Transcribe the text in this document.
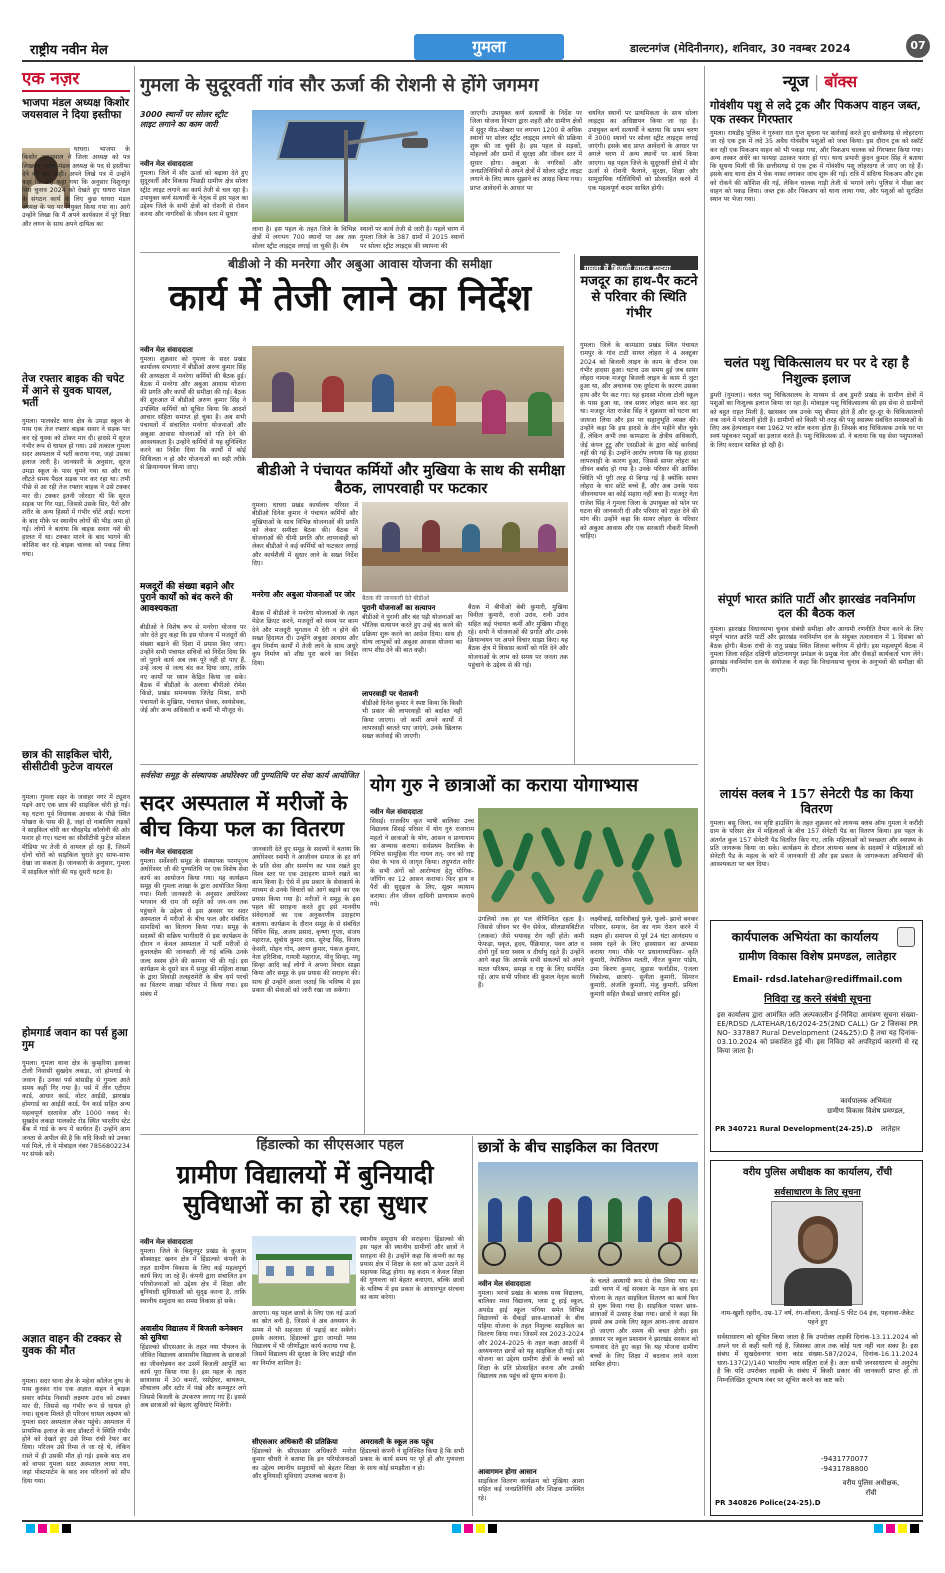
राष्ट्रीय नवीन मेल	गुमला	डाल्टनगंज (मेदिनीनगर), शनिवार, 30 नवम्बर 2024	07
एक नज़र
भाजपा मंडल अध्यक्ष किशोर जयसवाल ने दिया इस्तीफा
घाघरा। भाजपा के किशोर जयसवाल ने जिला अध्यक्ष को पत्र लिखकर घाघरा मंडल अध्यक्ष के पद से इस्तीफा देने की बात कही। अपने लिखे पत्र में उन्होंने कहा कि उन्हें कहा गया कि अनुसार विशुनपुर विस चुनाव 2024 को देखते हुए घाघरा मंडल के संगठन कार्य के लिए कुछ घाघरा मंडल अध्यक्ष के पद पर नियुक्त किया गया था। आगे उन्होंने लिखा कि मैं अपने कार्यकाल में पूरे निष्ठा और लगन के साथ अपने दायित्व का
तेज रफ्तार बाइक की चपेट में आने से युवक घायल, भर्ती
गुमला। पालकोट थाना क्षेत्र के उमड़ा स्कूल के पास एक तेज रफ्तार बाइक सवार ने सड़क पार कर रहे युवक को ठोकर मार दी। हादसे में सूरज गंभीर रूप से घायल हो गया। उसे तत्काल गुमला सदर अस्पताल में भर्ती कराया गया, जहां उसका इलाज जारी है। जानकारी के अनुसार, सूरज उमड़ा स्कूल के पास घूमने गया था और घर लौटते समय पैदल सड़क पार कर रहा था। तभी पीछे से आ रही तेज रफ्तार बाइक ने उसे टक्कर मार दी। टक्कर इतनी जोरदार थी कि सूरज सड़क पर गिर पड़ा, जिससे उसके सिर, पैरों और शरीर के अन्य हिस्सों में गंभीर चोटें आईं। घटना के बाद मौके पर स्थानीय लोगों की भीड़ जमा हो गई। लोगों ने बताया कि बाइक सवार नशे की हालत में था। टक्कर मारने के बाद भागने की कोशिश कर रहे बाइक चालक को पकड़ लिया गया।
छात्र की साइकिल चोरी, सीसीटीवी फुटेज वायरल
गुमला। गुमला शहर के जवाहर नगर में ट्यूशन पढ़ने आए एक छात्र की साइकिल चोरी हो गई। यह घटना पूर्व विधायक आवास के पीछे स्थित पोखरा के पास की है, जहां दो नाबालिग लड़कों ने साइकिल चोरी कर चौदहपेंड कॉलोनी की ओर फरार हो गए। घटना का सीसीटीवी फुटेज सोशल मीडिया पर तेजी से वायरल हो रहा है, जिसमें दोनों चोरों को साइकिल चुराते हुए साफ-साफ देखा जा सकता है। जानकारी के अनुसार, गुमला में साइकिल चोरी की यह दूसरी घटना है।
होमगार्ड जवान का पर्स हुआ गुम
गुमला। गुमला थाना क्षेत्र के कुम्हरिया इलाका टोली निवासी सुखदेव लकड़ा, जो होमगार्ड के जवान हैं। उनका पर्स बांसडीह से गुमला आते समय कहीं गिर गया है। पर्स में तीन एटीएम कार्ड, आधार कार्ड, वोटर आईडी, झारखंड होमगार्ड का आईडी कार्ड, पैन कार्ड सहित अन्य महत्वपूर्ण दस्तावेज और 1000 नकद थे। सुखदेव लकड़ा पालकोट रोड स्थित भारतीय स्टेट बैंक में गार्ड के रूप में कार्यरत हैं। उन्होंने आम जनता से अपील की है कि यदि किसी को उनका पर्स मिले, तो वे मोबाइल नंबर 7856802234 पर संपर्क करें।
अज्ञात वाहन की टक्कर से युवक की मौत
गुमला। सदर थाना क्षेत्र के महेना कॉलेज दुग्ध के पास कुरकर गांव एक अज्ञात वाहन ने बाइक सवार कॉमंड निवासी लक्ष्मण उरांव को टक्कर मार दी, जिससे वह गंभीर रूप से घायल हो गया। सूचना मिलते ही परिजन घायल लक्ष्मण को गुमला सदर अस्पताल लेकर पहुंचे। अस्पताल में प्राथमिक इलाज के बाद डॉक्टरों ने स्थिति गंभीर होने को देखते हुए उसे रिम्स रांची रेफर कर दिया। परिजन उसे रिम्स ले जा रहे थे, लेकिन रास्ते में ही उसकी मौत हो गई। इसके बाद शव को वापस गुमला सदर अस्पताल लाया गया, जहां पोस्टमार्टम के बाद शव परिजनों को सौंप दिया गया।
गुमला के सुदूरवर्ती गांव सौर ऊर्जा की रोशनी से होंगे जगमग
3000 स्थानों पर सोलर स्ट्रीट लाइट लगाने का काम जारी
नवीन मेल संवाददाता
गुमला। जिले में सौर ऊर्जा को बढ़ावा देते हुए सुदूरवर्ती और विकास पिछड़ी ग्रामीण क्षेत्र सोलर स्ट्रीट लाइट लगाने का कार्य तेजी से चल रहा है। उपायुक्त कर्ण सत्यार्थी के नेतृत्व में इस पहल का उद्देश्य जिले के सभी क्षेत्रों को रोशनी से रोशन करना और नागरिकों के जीवन स्तर में सुधार
लाना है। इस पहल के तहत जिले के विभिन्न क्षेत्रों में लगभग 700 स्थानों पर अब तक सोलर स्ट्रीट लाइट्स लगाई जा चुकी हैं। शेष
स्थानों पर कार्य तेजी से जारी है। पहले चरण में गुमला जिले के 387 ग्रामों में 2015 स्थानों पर सोलर स्ट्रीट लाइट्स की स्थापना की
जाएगी। उपायुक्त कर्ण सत्यार्थी के निर्देश पर जिला योजना विभाग द्वारा शहरी और ग्रामीण क्षेत्रों में सुदूर मीठ-पोखरा पर लगभग 1200 से अधिक स्थानों पर सोलर स्ट्रीट लाइट्स लगाने की प्रक्रिया शुरू की जा चुकी है। इस पहल से सड़कों, मोहल्लों और ग्रामों में सुरक्षा और जीवन स्तर में सुधार होगा। अबुआ के नगरिकों और जनप्रतिनिधियों से अपने क्षेत्रों में सोलर स्ट्रीट लाइट लगाने के लिए स्थान सुझाने का आग्रह किया गया। प्राप्त आवेदनों के आधार पर
चयनित स्थानों पर प्राथमिकता के साथ सोलर लाइट्स का अधिष्ठापन किया जा रहा है। उपायुक्त कर्ण सत्यार्थी ने बताया कि प्रथम चरण में 3000 स्थानों पर सोलर स्ट्रीट लाइट्स लगाई जाएंगी। इसके बाद प्राप्त आवेदनों के आधार पर अगले चरण में अन्य स्थानों पर कार्य किया जाएगा। यह पहल जिले के सुदूरवर्ती क्षेत्रों में सौर ऊर्जा से रोशनी फैलाने, सुरक्षा, शिक्षा और सामुदायिक गतिविधियों को प्रोत्साहित करने में एक महत्वपूर्ण कदम साबित होगी।
बीडीओ ने की मनरेगा और अबुआ आवास योजना की समीक्षा
कार्य में तेजी लाने का निर्देश
नवीन मेल संवाददाता
गुमला। शुक्रवार को गुमला के सदर प्रखंड कार्यालय सभागार में बीडीओ अरुण कुमार सिंह की अध्यक्षता में मनरेगा कर्मियों की बैठक हुई। बैठक में मनरेगा और अबुआ आवास योजना की प्रगति और कार्यों की समीक्षा की गई। बैठक की शुरुआत में बीडीओ अरुण कुमार सिंह ने उपस्थित कर्मियों को सूचित किया कि आदर्श आचार संहिता समाप्त हो चुका है। अब सभी पंचायतों में संचालित मनरेगा योजनाओं और अबुआ आवास योजनाओं को गति देने की आवश्यकता है। उन्होंने कर्मियों से यह सुनिश्चित करने का निर्देश दिया कि कार्यों में कोई शिथिलता न हो और योजनाओं का सही तरीके से क्रियान्वयन किया जाए।
मजदूरों की संख्या बढ़ाने और पुराने कार्यों को बंद करने की आवश्यकता
बीडीओ ने विशेष रूप से मनरेगा योजना पर जोर देते हुए कहा कि इस योजना में मजदूरों की संख्या बढ़ाने की दिशा में प्रयास किए जाए। उन्होंने सभी पंचायत सचिवों को निर्देश दिया कि जो पुराने कार्य अब तक पूरे नहीं हो पाए हैं, उन्हें जल्द से जल्द बंद कर दिया जाए, ताकि नए कार्यों पर ध्यान केंद्रित किया जा सके। बैठक में बीडीओ के अलावा बीपीओ रोमेश किंडो, प्रखंड समन्वयक जितेंद्र मिश्रा, सभी पंचायतों के मुखिया, पंचायत सेवक, स्वयंसेवक, जेई और अन्य अधिकारी व कर्मी भी मौजूद थे।
बीडीओ ने पंचायत कर्मियों और मुखिया के साथ की समीक्षा बैठक, लापरवाही पर फटकार
गुमला। घाघरा प्रखंड कार्यालय परिसर में बीडीओ दिनेश कुमार ने पंचायत कर्मियों और मुखियाओं के साथ विभिन्न योजनाओं की प्रगति को लेकर समीक्षा बैठक की। बैठक में योजनाओं की धीमी प्रगति और लापरवाही को लेकर बीडीओ ने कई कर्मियों को फटकार लगाई और कार्यशैली में सुधार लाने के सख्त निर्देश दिए।
मनरेगा और अबुआ योजनाओं पर जोर
बैठक में बीडीओ ने मनरेगा योजनाओं के तहत मेडेज क्रिएट करने, मजदूरों को समय पर काम देने और मजदूरी भुगतान में देरी न होने की सख्त हिदायत दी। उन्होंने अबुआ आवास और कूप निर्माण कार्यों में तेजी लाने के साथ अधूरे कूप निर्माण को शीघ्र पूरा करने का निर्देश दिया।
बैठक की जानकारी देते बीडीओ
पूरानी योजनाओं का सत्यापन
बीडीओ ने पुरानी और बंद पड़ी योजनाओं का भौतिक सत्यापन करते हुए उन्हें बंद करने की प्रक्रिया शुरू करने का आदेश दिया। साथ ही योग्य लाभुकों को अबुआ आवास योजना का लाभ शीघ्र देने की बात कही।
लापरवाही पर चेतावनी
बीडीओ दिनेश कुमार ने स्पष्ट किया कि किसी भी प्रकार की लापरवाही को बर्दाश्त नहीं किया जाएगा। जो कर्मी अपने कार्यों में लापरवाही बरतते पाए जाएंगे, उनके खिलाफ सख्त कार्रवाई की जाएगी।
बैठक में बीपीओ बेबी कुमारी, मुखिया विनीता कुमारी, राजो उरांव, रानी उरांव सहित कई पंचायत कर्मी और मुखिया मौजूद रहे। सभी ने योजनाओं की प्रगति और उनके क्रियान्वयन पर अपने विचार साझा किए। यह बैठक क्षेत्र में विकास कार्यों को गति देने और योजनाओं के लाभ को समय पर जनता तक पहुंचाने के उद्देश्य से की गई।
गुमला में बिजली लाइन हादसा
मजदूर का हाथ-पैर कटने से परिवार की स्थिति गंभीर
गुमला। जिले के कामडारा प्रखंड स्थित पंचायत रामपुर के गांव टाटी सायर लोहरा ने 4 अक्टूबर 2024 को बिजली लाइन के काम के दौरान एक गंभीर हादसा हुआ। घटना उस समय हुई जब सायर लोहरा नामक मजदूर बिजली लाइन के काम में जुटा हुआ था, और अचानक एक दुर्घटना के कारण उसका हाथ और पैर कट गए। यह हादसा मोरला टोली स्कूल के पास हुआ था, जब सायर लोहरा काम कर रहा था। मजदूर नेता राजेश सिंह ने शुक्रवार को घटना का जायजा लिया और इस पर सहानुभूति व्यक्त की। उन्होंने कहा कि इस हादसे के तीन महीने बीत चुके हैं, लेकिन अभी तक कामडारा के क्षेत्रीय अधिकारी, जेई कंपन टूटू और एसडीओ के द्वारा कोई कार्रवाई नहीं की गई है। उन्होंने आरोप लगाया कि यह हादसा लापरवाही के कारण हुआ, जिससे सायर लोहरा का जीवन बर्बाद हो गया है। उनके परिवार की आर्थिक स्थिति भी पूरी तरह से बिगड़ गई है क्योंकि सायर लोहरा के चार छोटे बच्चे हैं, और अब उनके पास जीवनयापन का कोई सहारा नहीं बचा है। मजदूर नेता राजेश सिंह ने गुमला जिला के उपायुक्त को फोन पर घटना की जानकारी दी और परिवार को राहत देने की मांग की। उन्होंने कहा कि सायर लोहरा के परिवार को अबुआ आवास और एक सरकारी नौकरी मिलनी चाहिए।
सर्वसेवा समूह के संस्थापक अघोरेश्वर जी पुण्यतिथि पर सेवा कार्य आयोजित
सदर अस्पताल में मरीजों के बीच किया फल का वितरण
नवीन मेल संवाददाता
गुमला। सर्वेश्वरी समूह के संस्थापक परमपूज्य अघोरेश्वर जी की पुण्यतिथि पर एक विशेष सेवा कार्य का आयोजन किया गया। यह कार्यक्रम समूह की गुमला शाखा के द्वारा आयोजित किया गया। मिली जानकारी के अनुसार अघोरेश्वर भगवान श्री राम जी स्मृति को जन-जन तक पहुंचाने के उद्देश्य से इस अवसर पर सदर अस्पताल में मरीजों के बीच फल और संबंधित सामग्रियों का वितरण किया गया। समूह के सदस्यों की सक्रिय भागीदारी से इस कार्यक्रम के दौरान न केवल अस्पताल में भर्ती मरीजों से कुशलक्षेम की जानकारी ली गई बल्कि उनके जल्द स्वस्थ होने की कामना भी की गई। इस कार्यक्रम के दूसरे सत्र में समूह की महिला शाखा के द्वारा शिवाड़ी तलहरामेरी के बीच धर्म परचों का वितरण शाखा परिसर में किया गया। इस संबंध में
जानकारी देते हुए समूह के सदस्यों ने बताया कि अघोरेश्वर स्वामी ने आजीवन समाज के हर वर्ग के प्रति सेवा और समर्पण का भाव रखते हुए विश्व स्तर पर एक उदाहरण सामने रखते का काम किया है। ऐसे में इस प्रकार के सेवाकार्य के माध्यम से उनके विचारों को आगे बढ़ाने का एक प्रयास किया गया है। मरीजों ने समूह के इस पहल की सराहना करते हुए इसे मानवीय संवेदनाओं का एक अनुकरणीय उदाहरण बताया। कार्यक्रम के दौरान समूह के से संबंधित विपिन सिंह, अजय प्रसाद, कृष्णा गुप्ता, संजय महाराज, सुबोध कुमार दास, सुरेन्द्र सिंह, विजय केसरी, मोहन गोप, अरुण कुमार, पंकज कुमार, नेता हरिशिवा, गायत्री महाराज, मीनू सिन्हा, मधु सिन्हा आदि कई लोगों ने अपना विचार साझा किया और समूह के इस प्रयास की सराहना की। साथ ही उन्होंने आशा जताई कि भविष्य में इस प्रकार की सेवाओं को जारी रखा जा सकेगा।
योग गुरु ने छात्राओं का कराया योगाभ्यास
नवीन मेल संवाददाता
सिसई। राजकीय कृत भाषी बालिका उच्च विद्यालय सिसई परिसर में योग गुरु राजाराम महतो ने छात्राओं के योग, आसन व प्राणायाम का अभ्यास कराया। सर्वप्रथम दैशात्रिक के निमित्त सामूहिक गीत गायन तत्- जन को राष्ट्र सेवा के भाव से जागृत किया। तदुपरांत शरीर के सभी अंगों को आरोग्यता हेतु योगिक- जॉगिंग का 12 आसन कराया। फिर हाथ व पैरों की सुदृढ़ता के लिए, सूक्ष्म व्यायाम कराया। तीन जीवन दायिनी प्राणायाम कराये गये।
उंगलियों तक हर पल वीणिन्दित रहता है। जिससे जीवन भर चैन सेवेज, सीलडायबिटीज (लकवा) जैसे भयावह रोग नहीं होते। कमी फेफड़ा, यकृत, हृदय, पैंक्रियाज़, पवन आंत व दोनों गुर्दे सदा स्वस्थ व दीर्घायु रहते हैं। उन्होंने आगे कहा कि आपके सभी संकल्पों को अपने सतत परिश्रम, समझ व राष्ट्र के लिए समर्पित रहें। आप सभी परिवार की कुशल नेतृत्व करती हैं।
लक्ष्मीबाई, सावित्रीबाई फुले, फूलो- झानो बनकर परिवार, समाज, देश का नाम रोशन करने में सक्षम हों। समापन से पूर्व 24 घंटा आनंदमय व स्वस्थ रहने के लिए हास्यासन का अभ्यास कराया गया। मौके पर प्रधानाध्यापिका- कृति कुमारी, नेपोलियन मलती, नीरज कुमार पांडेय, उमा किरण कुमार, सुहास फर्नांडीस, एंजला निकोल्स, छात्राएं- सुनीता कुमारी, सिमरन कुमारी, अंजलि कुमारी, मंजु कुमारी, प्रमिला कुमारी सहित सैकड़ों छात्राएं शामिल हुईं।
हिंडाल्को का सीएसआर पहल
ग्रामीण विद्यालयों में बुनियादी सुविधाओं का हो रहा सुधार
नवीन मेल संवाददाता
गुमला। जिले के बिशुनपुर प्रखंड के कुजाम बॉक्साइट खनन क्षेत्र में हिंडाल्को कंपनी के तहत ग्रामीण विकास के लिए कई महत्वपूर्ण कार्य किए जा रहे हैं। कंपनी द्वारा संचालित इन परियोजनाओं को उद्देश्य क्षेत्र में शिक्षा और बुनियादी सुविधाओं को सुदृढ़ करना है, ताकि स्थानीय समुदाय का समग्र विकास हो सके।
अवासीय विद्यालय में बिजली कनेक्शन को सुविधा
हिंडाल्को सीएसआर के तहत नया पौपलन के जीवित विद्यालय आवासीय विद्यालय के छात्राओं का जीवनोन्नयन कर उसमें बिजली आपूर्ति का कार्य पूरा किया गया है। इस पहल के तहत छात्रावास में 30 कमरों, रसोईघर, बाथरूम, शौचालय और स्टोर में पंखे और कम्प्यूटर लगे जिससे बिजली के उपकरण लगाए गए हैं। इससे अब छात्राओं को बेहतर सुविधाएं मिलेंगी।
आएगा। यह पहल छात्रों के लिए एक नई ऊर्जा का स्रोत बनी है, जिससे वे अब अध्ययन के समय में भी सहजता से पढ़ाई कर सकेंगे। इसके अलावा, हिंडाल्को द्वारा जामडी मध्य विद्यालय में भी जीर्णोद्धार कार्य कराया गया है, जिसमें विद्यालय की सुरक्षा के लिए बाउंड्री वॉल का निर्माण शामिल है।
सीएसआर अधिकारी की प्रतिक्रिया
हिंडाल्को के सीएसआर अधिकारी मनोज कुमार चौधरी ने बताया कि इन परियोजनाओं का उद्देश्य स्थानीय समुदायों को बेहतर शिक्षा और बुनियादी सुविधाएं उपलब्ध कराना है।
स्थानीय समुदाय की सराहना। हिंडाल्को की इस पहल की स्थानीय ग्रामीणों और छात्रों ने सराहना की है। उन्होंने कहा कि कंपनी का यह प्रयास क्षेत्र में शिक्षा के स्तर को ऊपर उठाने में सहायक सिद्ध होगा। यह कदम न केवल शिक्षा की गुणवत्ता को बेहतर बनाएगा, बल्कि छात्रों के भविष्य में इस प्रकार के आधारभूत संरचना का काम करेगा।
अमरावती के स्कूल तक पहुंच
हिंडाल्को कंपनी ने सुनिश्चित किया है कि सभी प्रकार के कार्य समय पर पूरे हों और गुणवत्ता के साथ कोई समझौता न हो।
छात्रों के बीच साइकिल का वितरण
नवीन मेल संवाददाता
गुमला। भरनो प्रखंड के बालक मध्य विद्यालय, बालिका मध्य विद्यालय, प्लस टू हाई स्कूल, अपग्रेड हाई स्कूल पगिया समेत विभिन्न विद्यालयों के सैकड़ों छात्र-छात्राओं के बीच पहिया योजना के तहत निशुल्क साइकिल का वितरण किया गया। जिसमें सत्र 2023-2024 और 2024-2025 के तहत कक्षा आठवीं में अध्ययनरत छात्रों को यह साइकिल दी गई। इस योजना का उद्देश्य ग्रामीण क्षेत्रों के बच्चों को शिक्षा के प्रति प्रोत्साहित करना और उनकी विद्यालय तक पहुंच को सुगम बनाना है।
आवागमन होगा आसान
साइकिल वितरण कार्यक्रम को मुखिया आशा सहित कई जनप्रतिनिधि और शिक्षक उपस्थित रहे।
के चलते अस्थायी रूप से रोक लिया गया था। उसी चरण में नई सरकार के गठन के बाद इस योजना के तहत साइकिल वितरण का कार्य फिर से शुरू किया गया है। साइकिल पाकर छात्र-छात्राओं में उत्साह देखा गया। छात्रों ने कहा कि इससे अब उनके लिए स्कूल आना-जाना आसान हो जाएगा और समय की बचत होगी। इस अवसर पर स्कूल प्रशासन ने झारखंड सरकार को धन्यवाद देते हुए कहा कि यह योजना ग्रामीण बच्चों के लिए शिक्षा में बदलाव लाने वाला साबित होगा।
न्यूज | बॉक्स
गोवंशीय पशु से लदे ट्रक और पिकअप वाहन जब्त, एक तस्कर गिरफ्तार
गुमला। रायडीह पुलिस ने गुरुवार रात गुप्त सूचना पर कार्रवाई करते हुए छत्तीसगढ़ से लोहरदगा जा रहे एक ट्रक में लदे 35 अवैध गोवंशीय पशुओं को जब्त किया। इस दौरान ट्रक को स्कॉर्ट कर रही एक पिकअप वाहन को भी पकड़ा गया, और पिकअप चालक को गिरफ्तार किया गया। अन्य तस्कर अंधेरे का फायदा उठाकर फरार हो गए। थाना प्रभारी कुंदन कुमार सिंह ने बताया कि सूचना मिली थी कि छत्तीसगढ़ से एक ट्रक में गोवंशीय पशु लोहरदगा ले जाए जा रहे हैं। इसके बाद थाना क्षेत्र में चेक नाका लगाकर जांच शुरू की गई। रात्रि में संदिग्ध पिकअप और ट्रक को रोकने की कोशिश की गई, लेकिन चालक गाड़ी तेजी से भगाने लगे। पुलिस ने पीछा कर वाहन को पकड़ लिया। जब्त ट्रक और पिकअप को थाना लाया गया, और पशुओं को सुरक्षित स्थान पर भेजा गया।
चलंत पशु चिकित्सालय घर पर दे रहा है निशुल्क इलाज
डुमरी (गुमला)। चलंत पशु चिकित्सालय के माध्यम से अब डुमरी प्रखंड के ग्रामीण क्षेत्रों में पशुओं का निःशुल्क इलाज किया जा रहा है। मोबाइल पशु चिकित्सालय की इस सेवा से ग्रामीणों को बहुत राहत मिली है, खासकर जब उनके पशु बीमार होते हैं और दूर-दूर के चिकित्सालयों तक जाने में परेशानी होती है। ग्रामीणों को किसी भी तरह की पशु स्वास्थ्य संबंधित समस्याओं के लिए अब हेल्पलाइन नंबर 1962 पर कॉल करना होता है। जिसके बाद चिकित्सक उनके घर पर स्वयं पहुंचकर पशुओं का इलाज करते हैं। पशु चिकित्सक डॉ. ने बताया कि यह सेवा पशुपालकों के लिए वरदान साबित हो रही है।
संपूर्ण भारत क्रांति पार्टी और झारखंड नवनिर्माण दल की बैठक कल
गुमला। झारखंड विधानसभा चुनाव संबंधी समीक्षा और आगामी रणनीति तैयार करने के लिए संपूर्ण भारत क्रांति पार्टी और झारखंड नवनिर्माण दल के संयुक्त तत्वावधान में 1 दिसंबर को बैठक होगी। बैठक रांची के रातू प्रखंड स्थित शिलवा बनीगम में होगी। इस महत्वपूर्ण बैठक में गुमला जिला सहित दक्षिणी छोटानागपुर प्रमंडल के प्रमुख नेता और सैकड़ों कार्यकर्ता भाग लेंगे। झारखंड नवनिर्माण दल के संयोजक ने कहा कि विधानसभा चुनाव के अनुभवों की समीक्षा की जाएगी।
लायंस क्लब ने 157 सेनेटरी पैड का किया वितरण
गुमला। बसु जिला, नव सृष्टि हाउसिंग के तहत शुक्रवार को लायन्स क्लब ऑफ गुमला ने करौंदी ग्राम के परिसर क्षेत्र में महिलाओं के बीच 157 सेनेटरी पैड का वितरण किया। इस पहल के अंतर्गत कुल 157 सेनेटरी पैड वितरित किए गए, ताकि महिलाओं को स्वच्छता और स्वास्थ्य के प्रति जागरूक किया जा सके। कार्यक्रम के दौरान लायन्स क्लब के सदस्यों ने महिलाओं को सेनेटरी पैड के महत्व के बारे में जानकारी दी और इस प्रकार के जागरूकता अभियानों की आवश्यकता पर बल दिया।
कार्यपालक अभियंता का कार्यालय
ग्रामीण विकास विशेष प्रमण्डल, लातेहार
Email- rdsd.latehar@rediffmail.com
निविदा रद्द करने संबंधी सूचना
इस कार्यालय द्वारा आमंत्रित अति अल्पकालीन ई-निविदा आमंत्रण सूचना संख्या- EE/RDSD /LATEHAR/16/2024-25(2ND CALL) Gr 2 जिसका PR NO- 337887 Rural Development (24&25):D है तथा यह दिनांक- 03.10.2024 को प्रकाशित हुई थी। इस निविदा को अपरिहार्य कारणों से रद्द किया जाता है।
कार्यपालक अभियंता
ग्रामीण विकास विशेष प्रमण्डल,
PR 340721 Rural Development(24-25).D	लातेहार
वरीय पुलिस अधीक्षक का कार्यालय, राँची
सर्वसाधारण के लिए सूचना
नाम-खुशी रहरीन, उम्र-17 वर्ष, रंग-साँवला, ऊँचाई-5 फीट 04 इंच, पहनावा-जैकेट पहने हुए
सर्वसाधारण को सूचित किया जाता है कि उपरोक्त लड़की दिनांक-13.11.2024 को अपने घर से कहीं चली गई है, जिसका आज तक कोई पता नहीं चल सका है। इस संबंध में सुखदेवनगर थाना कांड संख्या-587/2024, दिनांक-16.11.2024 धारा-137(2)/140 भारतीय न्याय संहिता दर्ज है। अतः सभी जनसाधारण से अनुरोध है कि यदि उपरोक्त लड़की के संबंध में किसी प्रकार की जानकारी प्राप्त हो तो निम्नलिखित दूरभाष नंबर पर सूचित करने का कष्ट करें।
-9431770077
-9431788800
वरीय पुलिस अधीक्षक,
राँची
PR 340826 Police(24-25).D
